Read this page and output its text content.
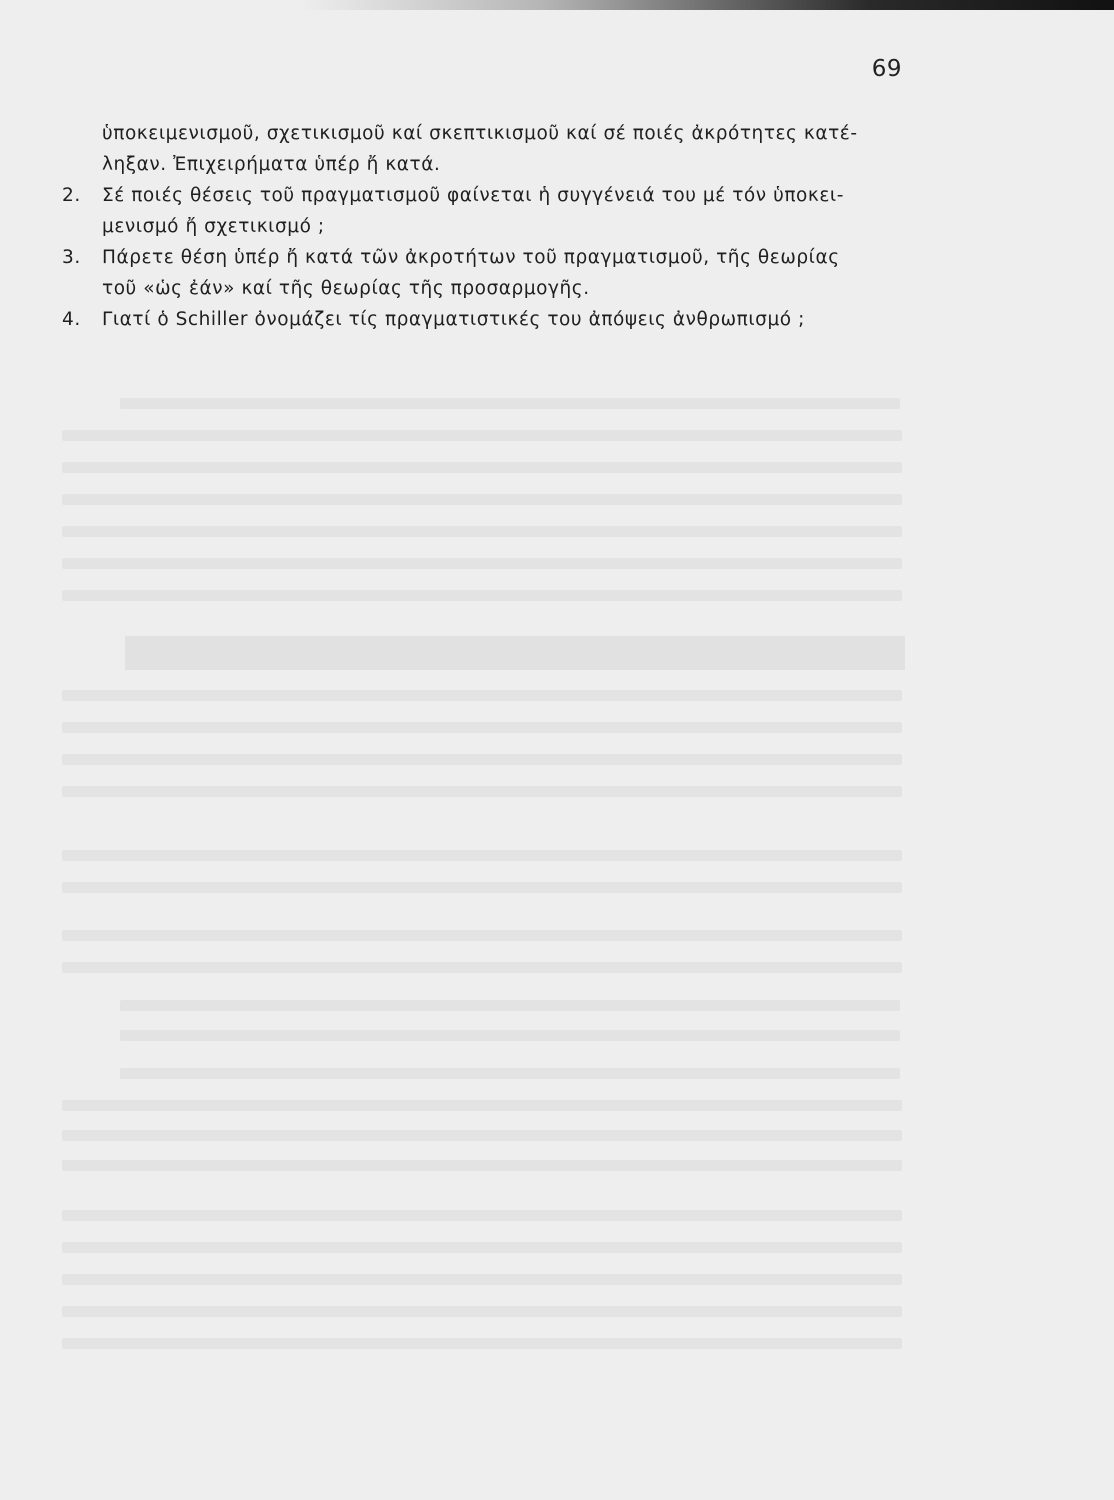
69

ὑποκειμενισμοῦ, σχετικισμοῦ καί σκεπτικισμοῦ καί σέ ποιές ἀκρότητες κατέ-

ληξαν. Ἐπιχειρήματα ὑπέρ ἤ κατά.

2.	Σέ ποιές θέσεις τοῦ πραγματισμοῦ φαίνεται ἡ συγγένειά του μέ τόν ὑποκει-
μενισμό ἤ σχετικισμό ;
3.	Πάρετε θέση ὑπέρ ἤ κατά τῶν ἀκροτήτων τοῦ πραγματισμοῦ, τῆς θεωρίας
τοῦ «ὡς ἐάν» καί τῆς θεωρίας τῆς προσαρμογῆς.
4.	Γιατί ὁ Schiller ὀνομάζει τίς πραγματιστικές του ἀπόψεις ἀνθρωπισμό ;
